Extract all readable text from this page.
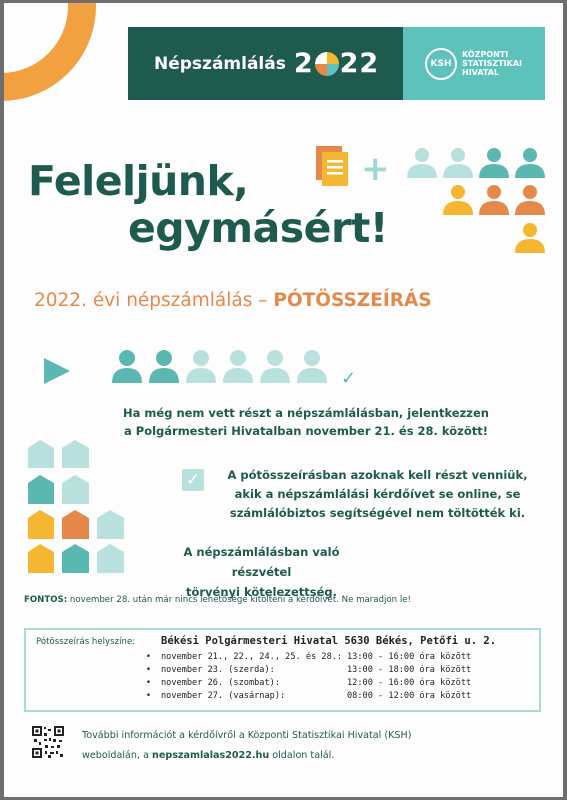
Népszámlálás 2 22	KSH
KÖZPONTI
STATISZTIKAI
HIVATAL
+
Feleljünk,
egymásért!
2022. évi népszámlálás – PÓTÖSSZEÍRÁS
✓
Ha még nem vett részt a népszámlálásban, jelentkezzen
a Polgármesteri Hivatalban november 21. és 28. között!
✓	A pótösszeírásban azoknak kell részt venniük,
akik a népszámlálási kérdőívet se online, se
számlálóbiztos segítségével nem töltötték ki.
A népszámlálásban való részvétel
törvényi kötelezettség.
FONTOS: november 28. után már nincs lehetősége kitölteni a kérdőívet. Ne maradjon le!
Pótösszeírás helyszíne:	Békési Polgármesteri Hivatal 5630 Békés, Petőfi u. 2.
•	november 21., 22., 24., 25. és 28.: 13:00 - 16:00 óra között
•	november 23. (szerda):	13:00 - 18:00 óra között
•	november 26. (szombat):	12:00 - 16:00 óra között
•	november 27. (vasárnap):	08:00 - 12:00 óra között
További információt a kérdőívről a Központi Statisztikai Hivatal (KSH)
weboldalán, a nepszamlalas2022.hu oldalon talál.
